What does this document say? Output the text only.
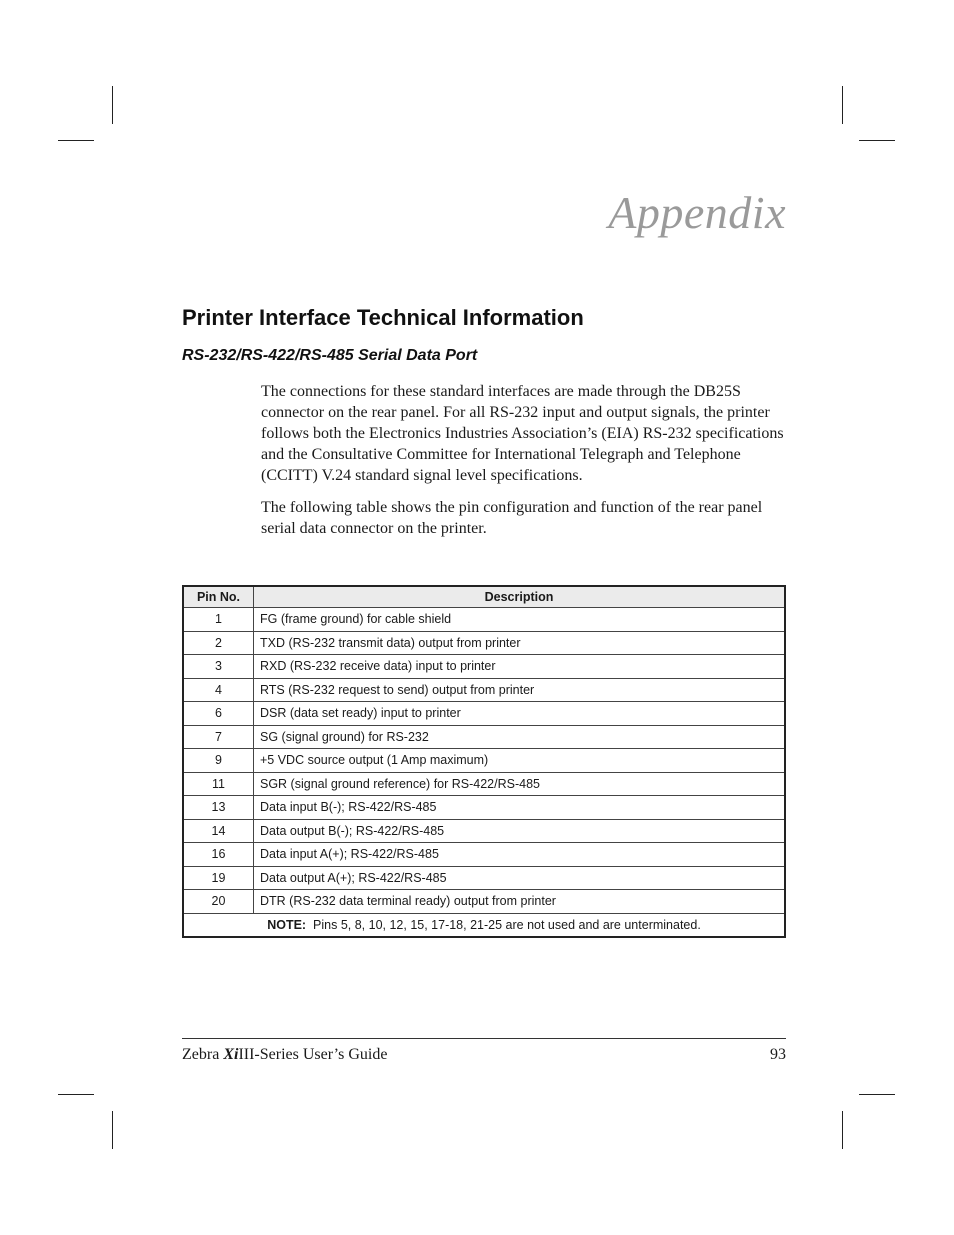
Appendix
Printer Interface Technical Information
RS-232/RS-422/RS-485 Serial Data Port

The connections for these standard interfaces are made through the DB25S connector on the rear panel. For all RS-232 input and output signals, the printer follows both the Electronics Industries Association’s (EIA) RS-232 specifications and the Consultative Committee for International Telegraph and Telephone (CCITT) V.24 standard signal level specifications.

The following table shows the pin configuration and function of the rear panel serial data connector on the printer.

Pin No.	Description
1	FG (frame ground) for cable shield
2	TXD (RS-232 transmit data) output from printer
3	RXD (RS-232 receive data) input to printer
4	RTS (RS-232 request to send) output from printer
6	DSR (data set ready) input to printer
7	SG (signal ground) for RS-232
9	+5 VDC source output (1 Amp maximum)
11	SGR (signal ground reference) for RS-422/RS-485
13	Data input B(-); RS-422/RS-485
14	Data output B(-); RS-422/RS-485
16	Data input A(+); RS-422/RS-485
19	Data output A(+); RS-422/RS-485
20	DTR (RS-232 data terminal ready) output from printer
NOTE: Pins 5, 8, 10, 12, 15, 17-18, 21-25 are not used and are unterminated.	
Zebra XiIII-Series User’s Guide	93
